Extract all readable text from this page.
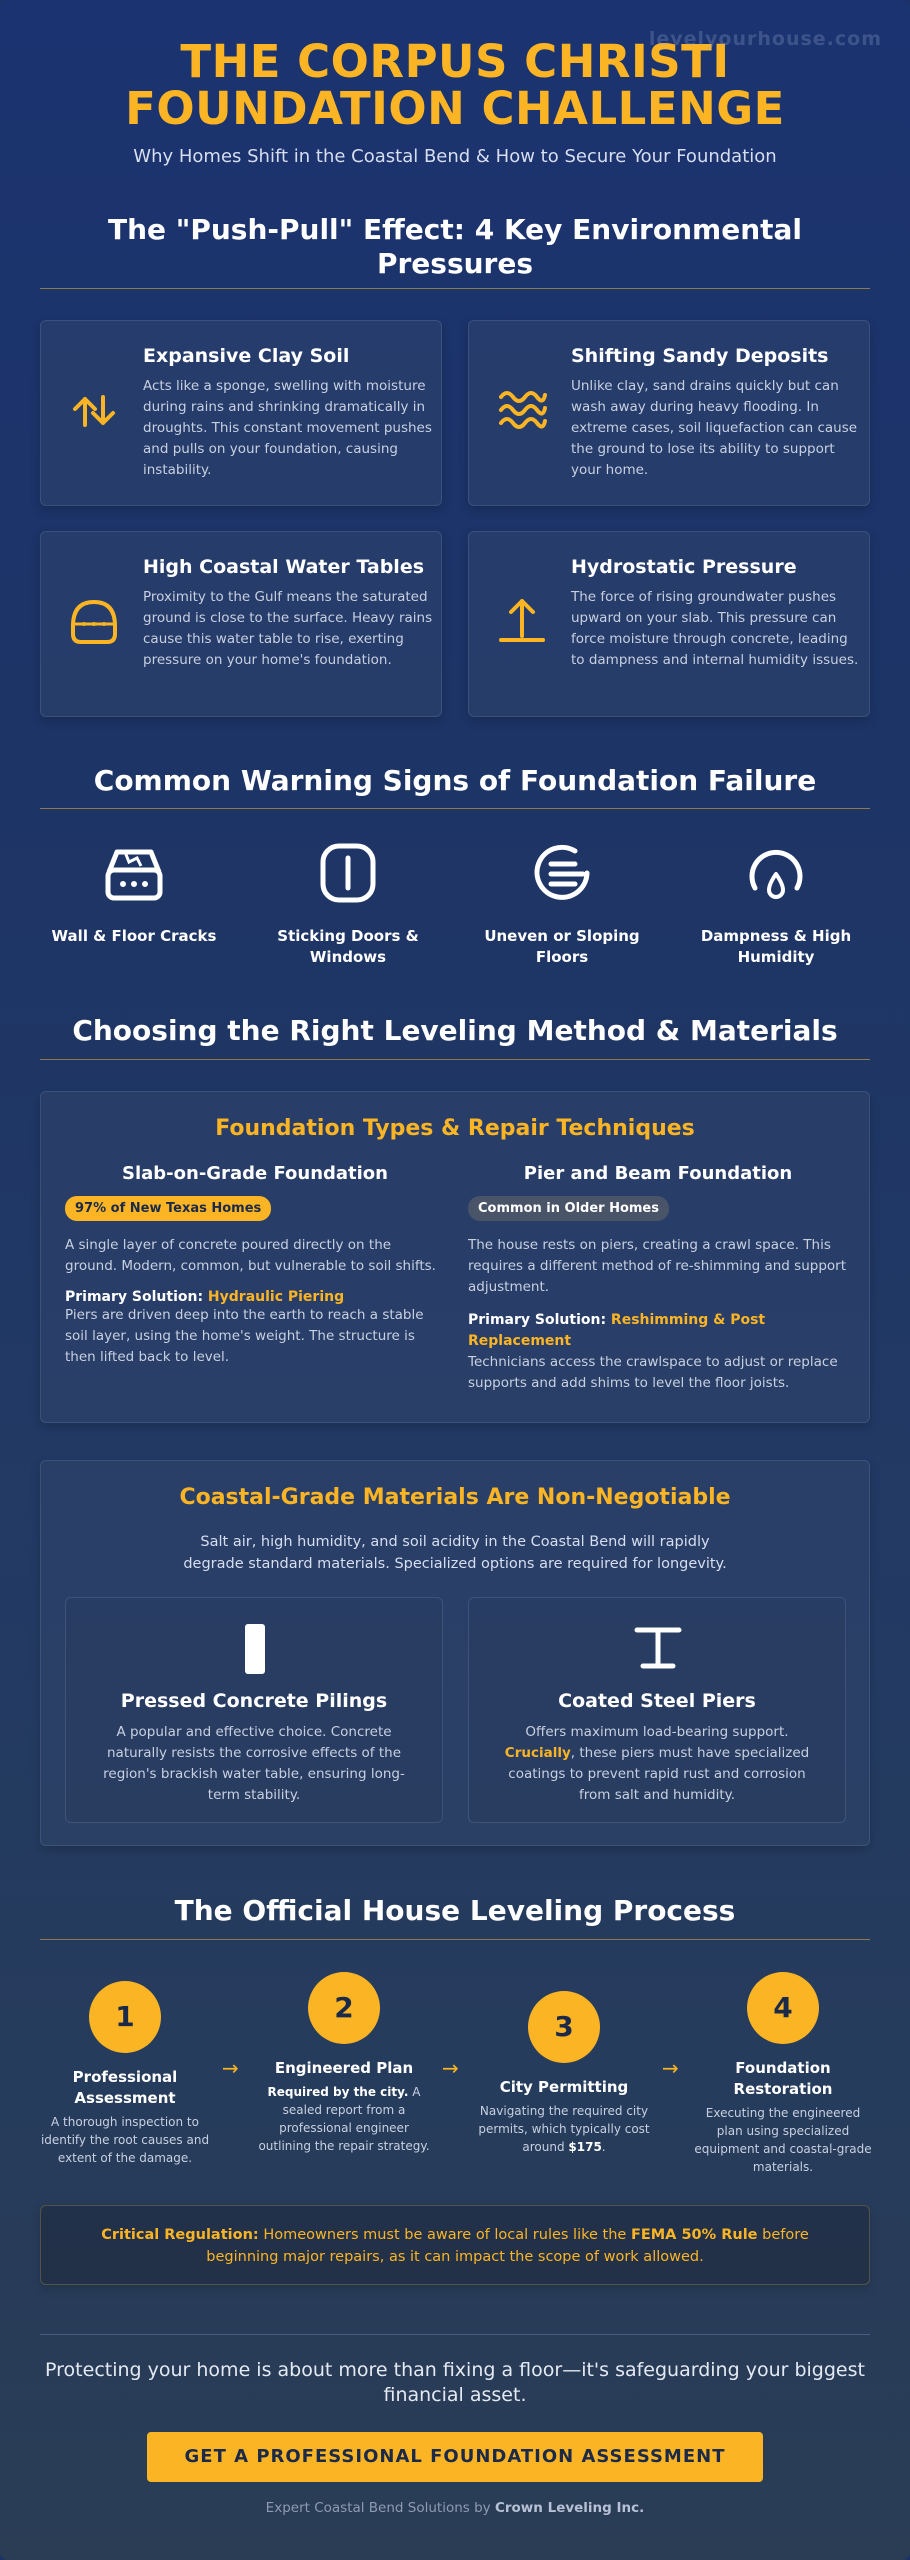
levelyourhouse.com
THE CORPUS CHRISTI
FOUNDATION CHALLENGE
Why Homes Shift in the Coastal Bend & How to Secure Your Foundation
The "Push-Pull" Effect: 4 Key Environmental
Pressures
Expansive Clay Soil

Acts like a sponge, swelling with moisture during rains and shrinking dramatically in droughts. This constant movement pushes and pulls on your foundation, causing instability.

Shifting Sandy Deposits

Unlike clay, sand drains quickly but can wash away during heavy flooding. In extreme cases, soil liquefaction can cause the ground to lose its ability to support your home.

High Coastal Water Tables

Proximity to the Gulf means the saturated ground is close to the surface. Heavy rains cause this water table to rise, exerting pressure on your home's foundation.

Hydrostatic Pressure

The force of rising groundwater pushes upward on your slab. This pressure can force moisture through concrete, leading to dampness and internal humidity issues.

Common Warning Signs of Foundation Failure
Wall & Floor Cracks	Sticking Doors & Windows
Uneven or Sloping Floors
Dampness & High Humidity
Choosing the Right Leveling Method & Materials
Foundation Types & Repair Techniques
Slab-on-Grade Foundation
97% of New Texas Homes
A single layer of concrete poured directly on the ground. Modern, common, but vulnerable to soil shifts.
Primary Solution: Hydraulic Piering
Piers are driven deep into the earth to reach a stable soil layer, using the home's weight. The structure is then lifted back to level.
Pier and Beam Foundation
Common in Older Homes
The house rests on piers, creating a crawl space. This requires a different method of re-shimming and support adjustment.
Primary Solution: Reshimming & Post
Replacement
Technicians access the crawlspace to adjust or replace supports and add shims to level the floor joists.
Coastal-Grade Materials Are Non-Negotiable
Salt air, high humidity, and soil acidity in the Coastal Bend will rapidly
degrade standard materials. Specialized options are required for longevity.
Pressed Concrete Pilings

A popular and effective choice. Concrete naturally resists the corrosive effects of the region's brackish water table, ensuring long-term stability.

Coated Steel Piers

Offers maximum load-bearing support.
Crucially, these piers must have specialized coatings to prevent rapid rust and corrosion from salt and humidity.

The Official House Leveling Process
1
Professional Assessment
A thorough inspection to identify the root causes and extent of the damage.
→
2
Engineered Plan
Required by the city. A sealed report from a professional engineer outlining the repair strategy.
→
3
City Permitting
Navigating the required city permits, which typically cost around $175.
→
4
Foundation Restoration
Executing the engineered plan using specialized equipment and coastal-grade materials.
Critical Regulation: Homeowners must be aware of local rules like the FEMA 50% Rule before
beginning major repairs, as it can impact the scope of work allowed.
Protecting your home is about more than fixing a floor—it's safeguarding your biggest
financial asset.
GET A PROFESSIONAL FOUNDATION ASSESSMENT
Expert Coastal Bend Solutions by Crown Leveling Inc.
